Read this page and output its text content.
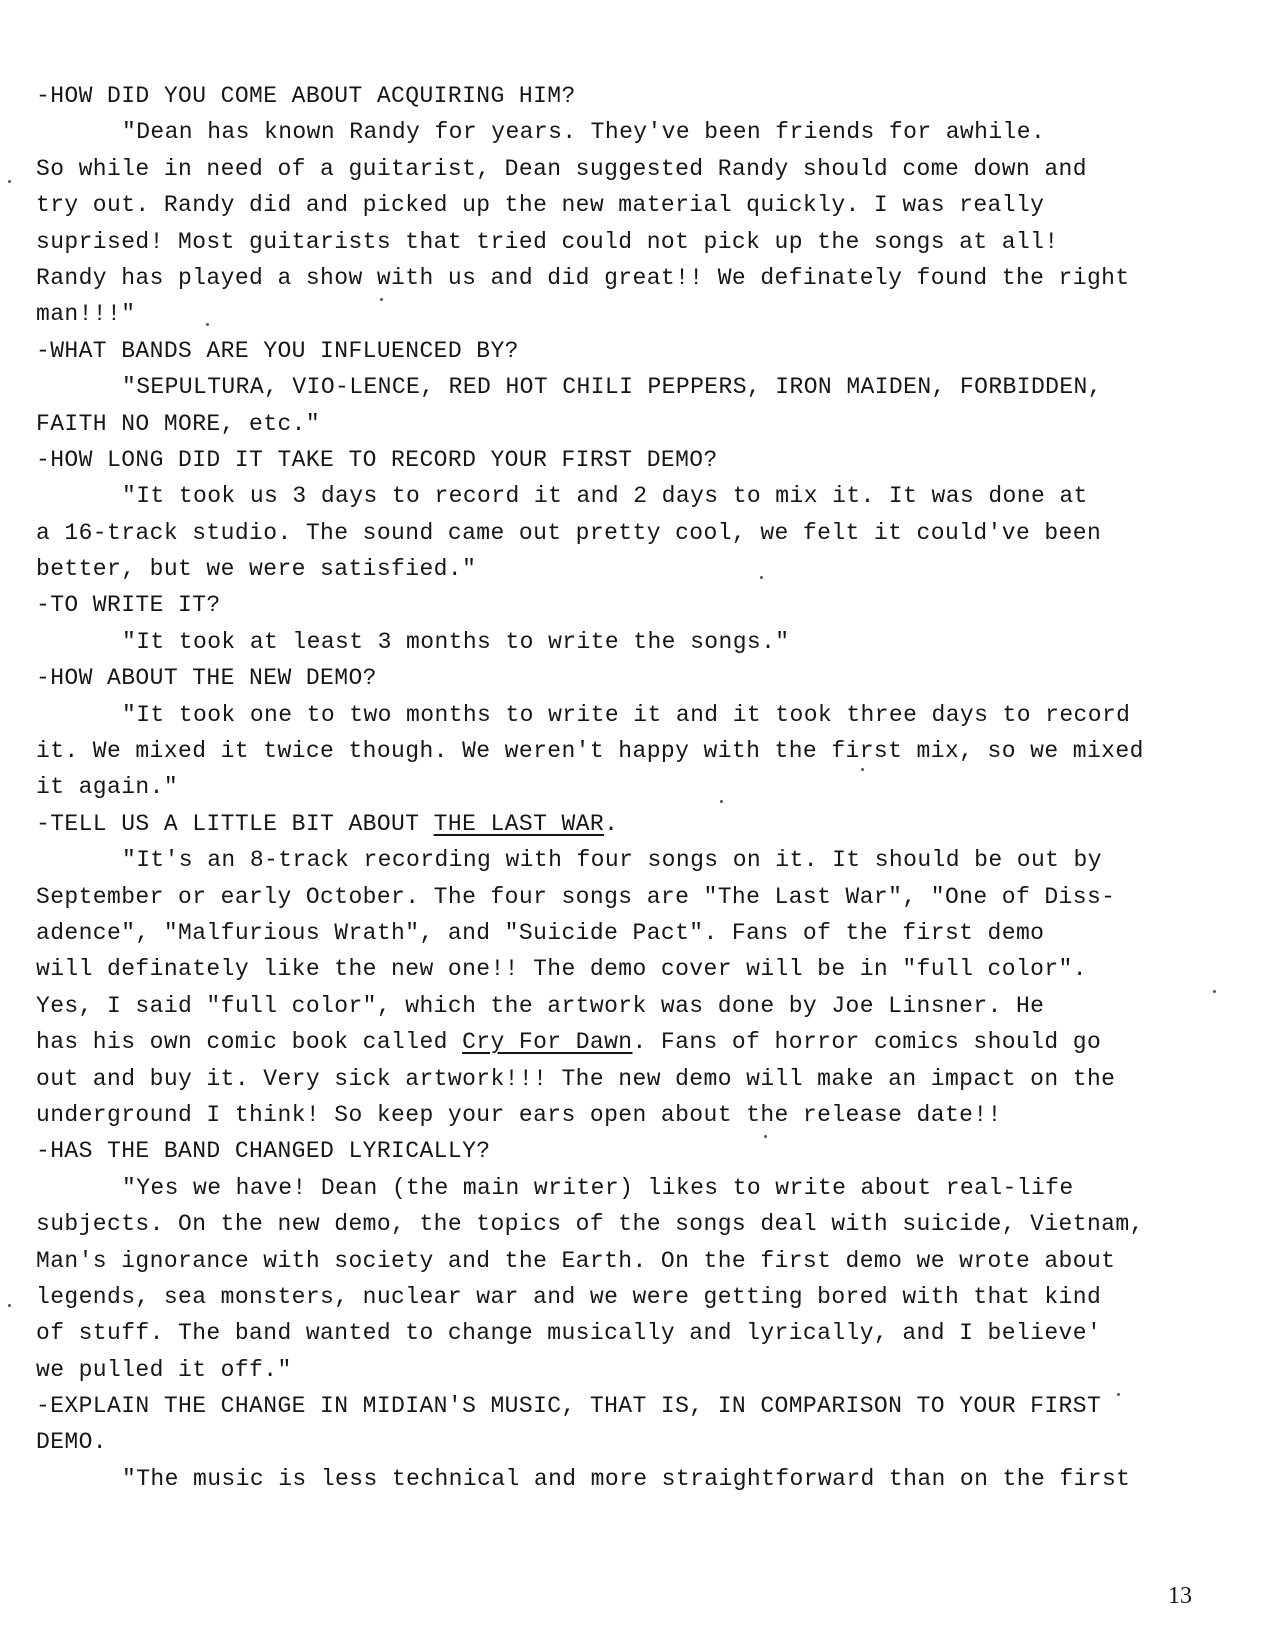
-HOW DID YOU COME ABOUT ACQUIRING HIM?
"Dean has known Randy for years. They've been friends for awhile.
So while in need of a guitarist, Dean suggested Randy should come down and
try out. Randy did and picked up the new material quickly. I was really
suprised! Most guitarists that tried could not pick up the songs at all!
Randy has played a show with us and did great!! We definately found the right
man!!!"
-WHAT BANDS ARE YOU INFLUENCED BY?
"SEPULTURA, VIO-LENCE, RED HOT CHILI PEPPERS, IRON MAIDEN, FORBIDDEN,
FAITH NO MORE, etc."
-HOW LONG DID IT TAKE TO RECORD YOUR FIRST DEMO?
"It took us 3 days to record it and 2 days to mix it. It was done at
a 16-track studio. The sound came out pretty cool, we felt it could've been
better, but we were satisfied."
-TO WRITE IT?
"It took at least 3 months to write the songs."
-HOW ABOUT THE NEW DEMO?
"It took one to two months to write it and it took three days to record
it. We mixed it twice though. We weren't happy with the first mix, so we mixed
it again."
-TELL US A LITTLE BIT ABOUT THE LAST WAR.
"It's an 8-track recording with four songs on it. It should be out by
September or early October. The four songs are "The Last War", "One of Diss-
adence", "Malfurious Wrath", and "Suicide Pact". Fans of the first demo
will definately like the new one!! The demo cover will be in "full color".
Yes, I said "full color", which the artwork was done by Joe Linsner. He
has his own comic book called Cry For Dawn. Fans of horror comics should go
out and buy it. Very sick artwork!!! The new demo will make an impact on the
underground I think! So keep your ears open about the release date!!
-HAS THE BAND CHANGED LYRICALLY?
"Yes we have! Dean (the main writer) likes to write about real-life
subjects. On the new demo, the topics of the songs deal with suicide, Vietnam,
Man's ignorance with society and the Earth. On the first demo we wrote about
legends, sea monsters, nuclear war and we were getting bored with that kind
of stuff. The band wanted to change musically and lyrically, and I believe'
we pulled it off."
-EXPLAIN THE CHANGE IN MIDIAN'S MUSIC, THAT IS, IN COMPARISON TO YOUR FIRST
DEMO.
"The music is less technical and more straightforward than on the first
13
